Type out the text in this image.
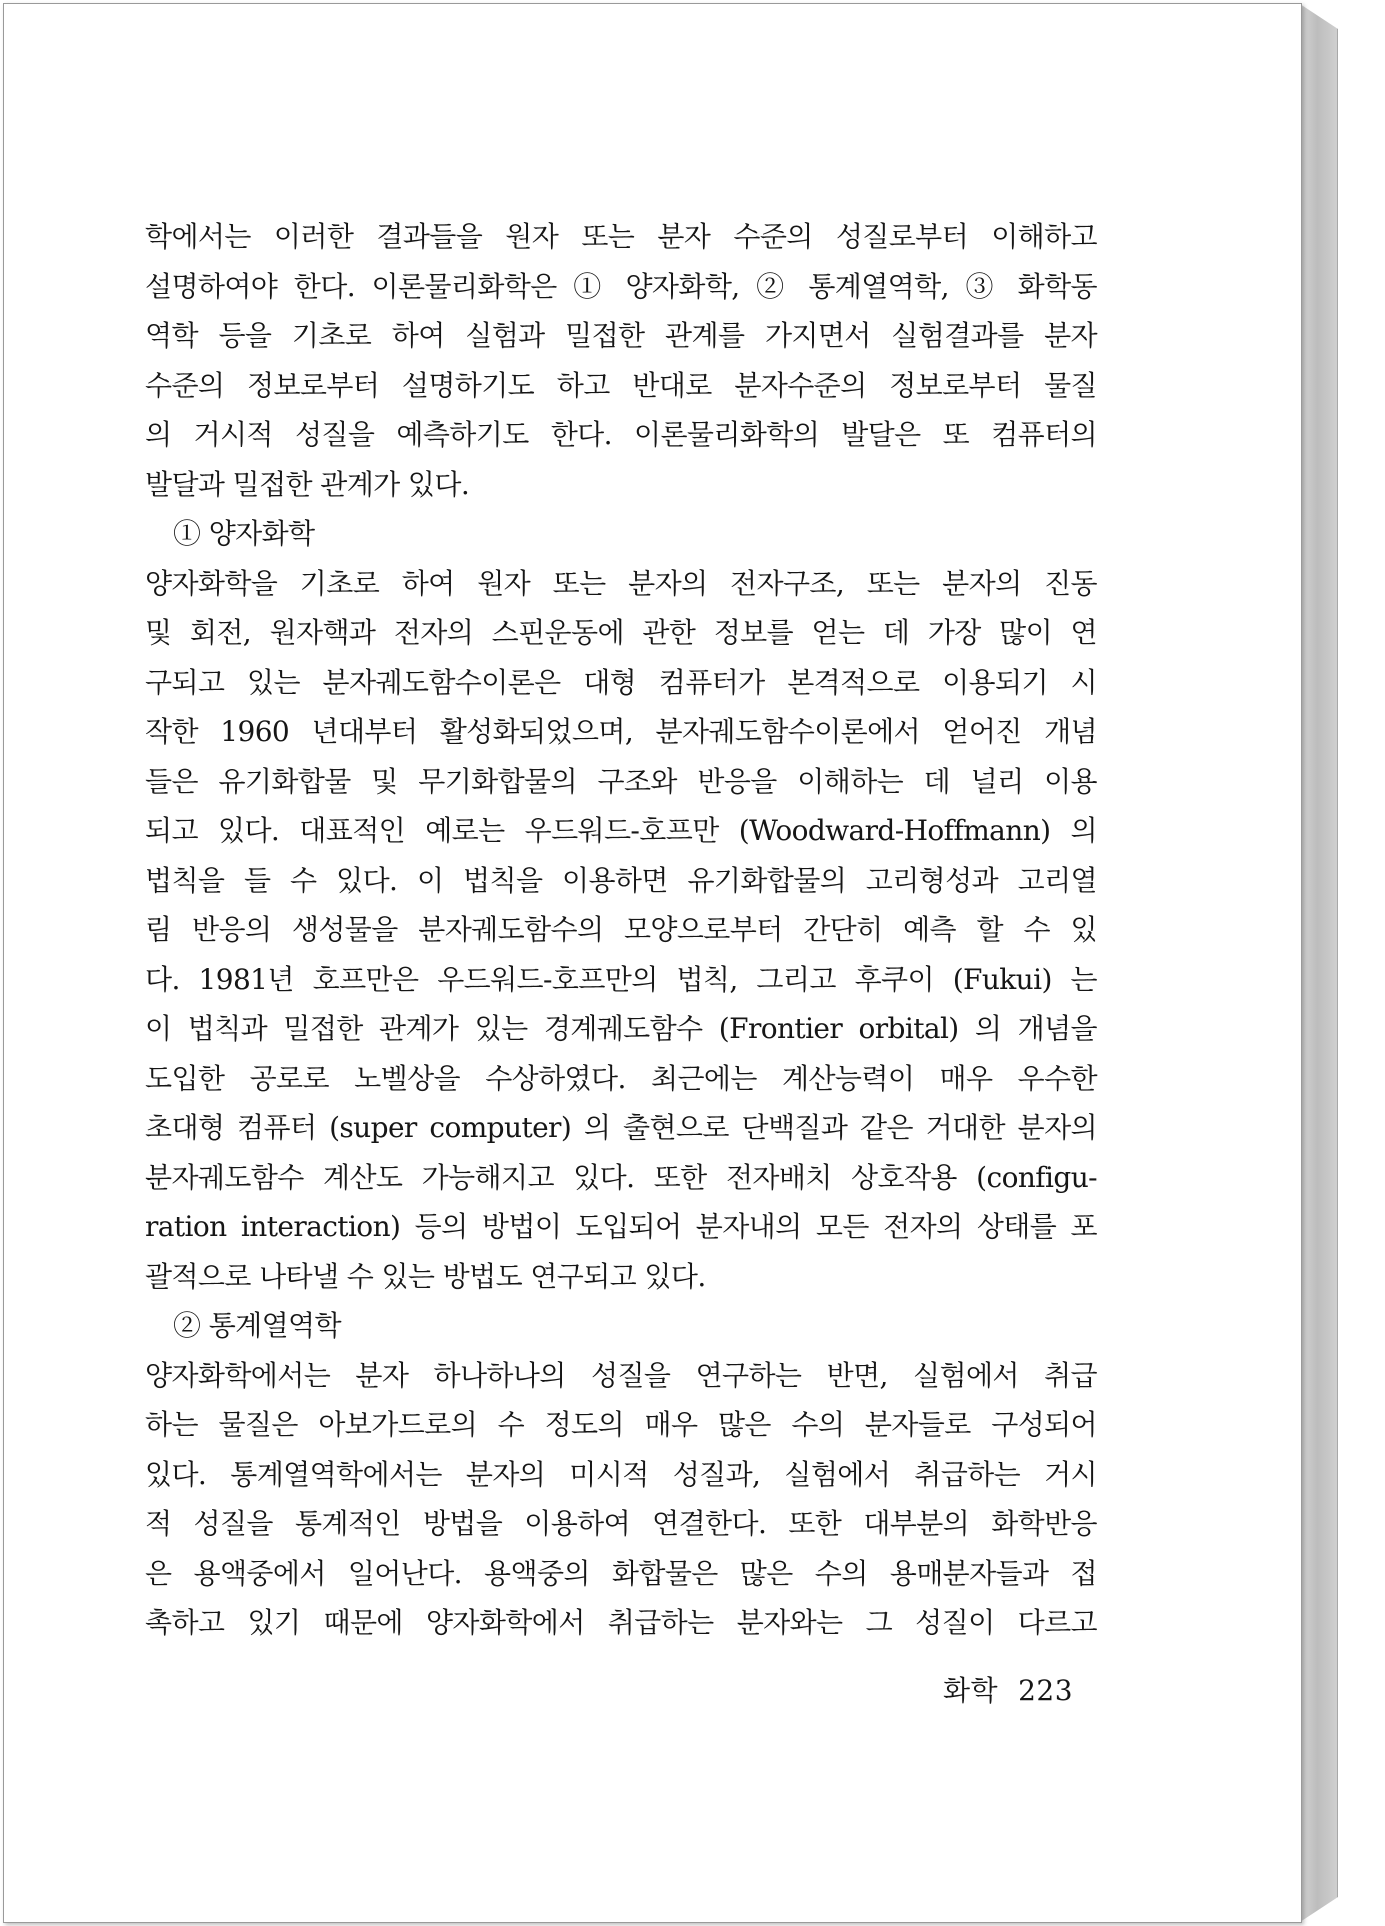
학에서는 이러한 결과들을 원자 또는 분자 수준의 성질로부터 이해하고
설명하여야 한다. 이론물리화학은 ① 양자화학, ② 통계열역학, ③ 화학동
역학 등을 기초로 하여 실험과 밀접한 관계를 가지면서 실험결과를 분자
수준의 정보로부터 설명하기도 하고 반대로 분자수준의 정보로부터 물질
의 거시적 성질을 예측하기도 한다. 이론물리화학의 발달은 또 컴퓨터의
발달과 밀접한 관계가 있다.
① 양자화학
양자화학을 기초로 하여 원자 또는 분자의 전자구조, 또는 분자의 진동
및 회전, 원자핵과 전자의 스핀운동에 관한 정보를 얻는 데 가장 많이 연
구되고 있는 분자궤도함수이론은 대형 컴퓨터가 본격적으로 이용되기 시
작한 1960 년대부터 활성화되었으며, 분자궤도함수이론에서 얻어진 개념
들은 유기화합물 및 무기화합물의 구조와 반응을 이해하는 데 널리 이용
되고 있다. 대표적인 예로는 우드워드-호프만 (Woodward-Hoffmann) 의
법칙을 들 수 있다. 이 법칙을 이용하면 유기화합물의 고리형성과 고리열
림 반응의 생성물을 분자궤도함수의 모양으로부터 간단히 예측 할 수 있
다. 1981년 호프만은 우드워드-호프만의 법칙, 그리고 후쿠이 (Fukui) 는
이 법칙과 밀접한 관계가 있는 경계궤도함수 (Frontier orbital) 의 개념을
도입한 공로로 노벨상을 수상하였다. 최근에는 계산능력이 매우 우수한
초대형 컴퓨터 (super computer) 의 출현으로 단백질과 같은 거대한 분자의
분자궤도함수 계산도 가능해지고 있다. 또한 전자배치 상호작용 (configu-
ration interaction) 등의 방법이 도입되어 분자내의 모든 전자의 상태를 포
괄적으로 나타낼 수 있는 방법도 연구되고 있다.
② 통계열역학
양자화학에서는 분자 하나하나의 성질을 연구하는 반면, 실험에서 취급
하는 물질은 아보가드로의 수 정도의 매우 많은 수의 분자들로 구성되어
있다. 통계열역학에서는 분자의 미시적 성질과, 실험에서 취급하는 거시
적 성질을 통계적인 방법을 이용하여 연결한다. 또한 대부분의 화학반응
은 용액중에서 일어난다. 용액중의 화합물은 많은 수의 용매분자들과 접
촉하고 있기 때문에 양자화학에서 취급하는 분자와는 그 성질이 다르고
화학 223
